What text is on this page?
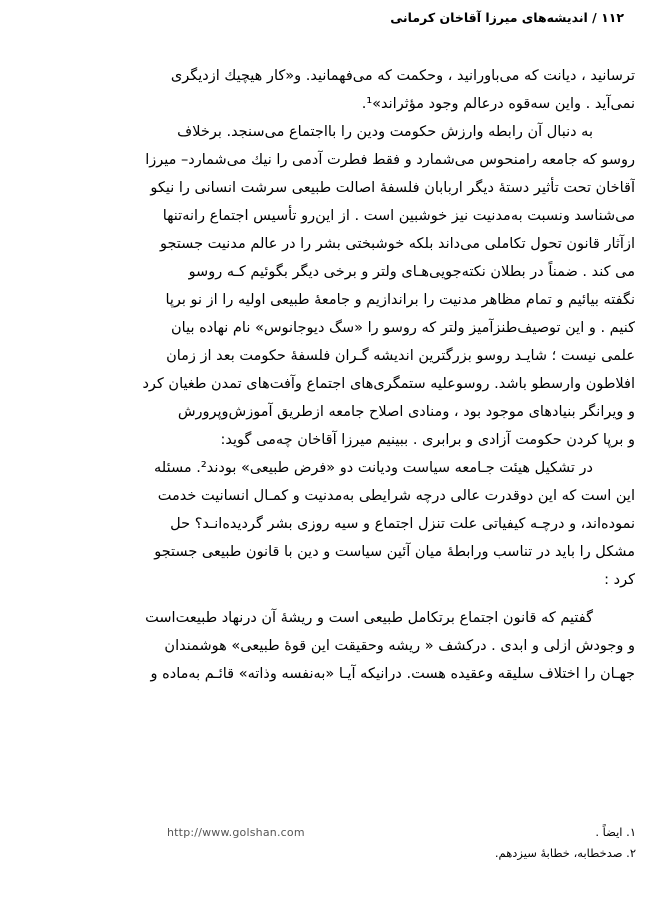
۱۱۲ / اندیشه‌های میرزا آقاخان کرمانی
ترسانید ، دیانت که می‌باورانید ، وحکمت که می‌فهمانید. و«کار هیچیك ازدیگری
نمی‌آید . واین سه‌قوه درعالم وجود مؤثراند»¹.
به دنبال آن رابطه وارزش حکومت ودین را بااجتماع می‌سنجد. برخلاف
روسو که جامعه رامنحوس می‌شمارد و فقط فطرت آدمی را نیك می‌شمارد– میرزا
آقاخان تحت تأثیر دستهٔ دیگر اربابان فلسفهٔ اصالت طبیعی سرشت انسانی را نیکو
می‌شناسد ونسبت به‌مدنیت نیز خوشبین است . از این‌رو تأسیس اجتماع رانه‌تنها
ازآثار قانون تحول تکاملی می‌داند بلکه خوشبختی بشر را در عالم مدنیت جستجو
می کند . ضمناً در بطلان نکته‌جویی‌هـای ولتر و برخی دیگر بگوئیم کـه روسو
نگفته بیائیم و تمام مظاهر مدنیت را براندازیم و جامعهٔ طبیعی اولیه را از نو برپا
کنیم . و این توصیف‌طنزآمیز ولتر که روسو را «سگ دیوجانوس» نام نهاده بیان
علمی نیست ؛ شایـد روسو بزرگترین اندیشه گـران فلسفهٔ حکومت بعد از زمان
افلاطون وارسطو باشد. روسوعلیه ستمگری‌های اجتماع وآفت‌های تمدن طغیان کرد
و ویرانگر بنیادهای موجود بود ، ومنادی اصلاح جامعه ازطریق آموزش‌وپرورش
و برپا کردن حکومت آزادی و برابری . ببینیم میرزا آقاخان چه‌می گوید:
در تشکیل هیئت جـامعه سیاست ودیانت دو «فرض طبیعی» بودند². مسئله
این است که این دوقدرت عالی درچه شرایطی به‌مدنیت و کمـال انسانیت خدمت
نموده‌اند، و درچـه کیفیاتی علت تنزل اجتماع و سیه روزی بشر گردیده‌انـد؟ حل
مشکل را باید در تناسب ورابطهٔ میان آئین سیاست و دین با قانون طبیعی جستجو
کرد :
گفتیم که قانون اجتماع برتکامل طبیعی است و ریشهٔ آن درنهاد طبیعت‌است
و وجودش ازلی و ابدی . درکشف « ریشه وحقیقت این قوهٔ طبیعی» هوشمندان
جهـان را اختلاف سلیقه وعقیده هست. درانیکه آیـا «به‌نفسه وذاته» قائـم به‌ماده و
http://www.golshan.com	۱. ایضاً .
۲. صدخطابه، خطابهٔ سیزدهم.
